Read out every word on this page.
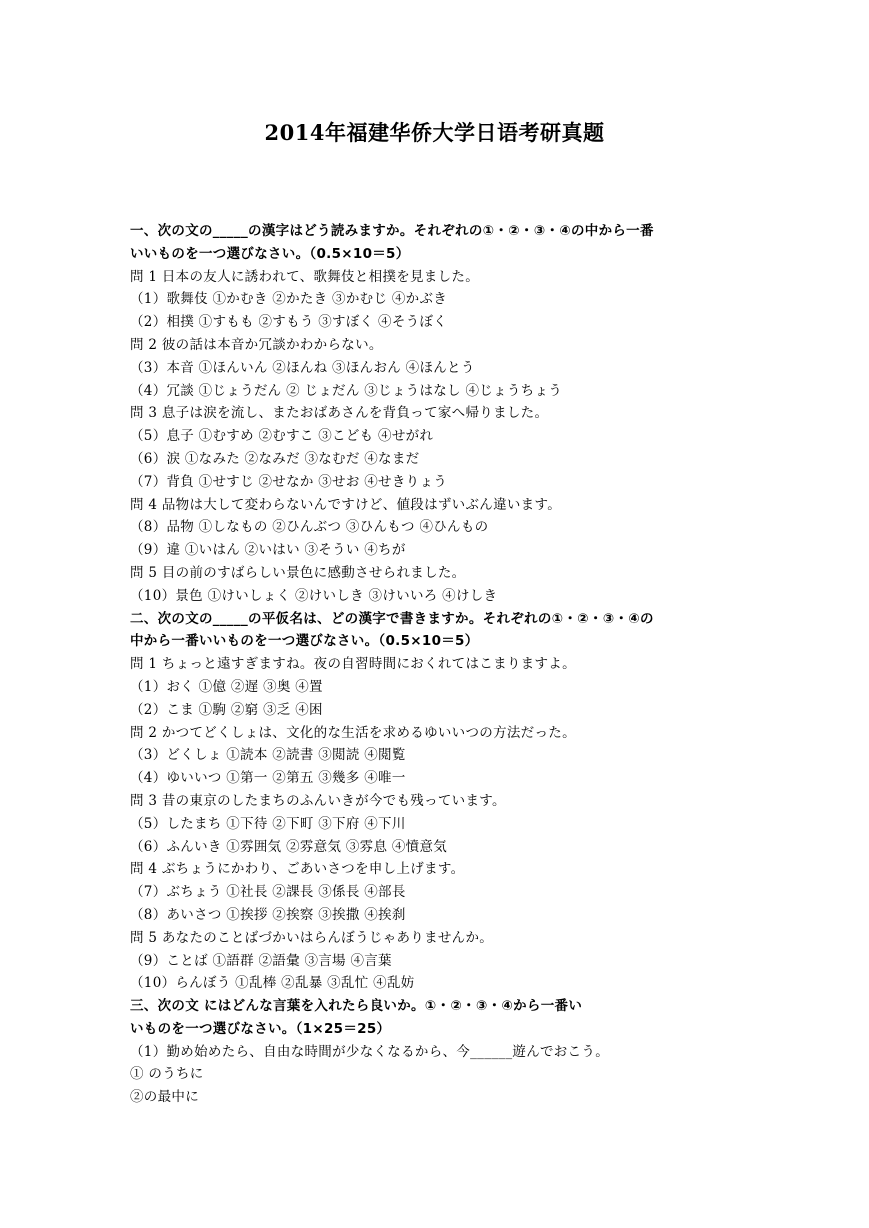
2014年福建华侨大学日语考研真题
一、次の文の_____の漢字はどう読みますか。それぞれの①・②・③・④の中から一番
いいものを一つ選びなさい。（0.5×10＝5）
問 1 日本の友人に誘われて、歌舞伎と相撲を見ました。
（1）歌舞伎 ①かむき ②かたき ③かむじ ④かぶき
（2）相撲 ①すもも ②すもう ③すぼく ④そうぼく
問 2 彼の話は本音か冗談かわからない。
（3）本音 ①ほんいん ②ほんね ③ほんおん ④ほんとう
（4）冗談 ①じょうだん ② じょだん ③じょうはなし ④じょうちょう
問 3 息子は涙を流し、またおばあさんを背負って家へ帰りました。
（5）息子 ①むすめ ②むすこ ③こども ④せがれ
（6）涙 ①なみた ②なみだ ③なむだ ④なまだ
（7）背負 ①せすじ ②せなか ③せお ④せきりょう
問 4 品物は大して変わらないんですけど、値段はずいぶん違います。
（8）品物 ①しなもの ②ひんぶつ ③ひんもつ ④ひんもの
（9）違 ①いはん ②いはい ③そうい ④ちが
問 5 目の前のすばらしい景色に感動させられました。
（10）景色 ①けいしょく ②けいしき ③けいいろ ④けしき
二、次の文の_____の平仮名は、どの漢字で書きますか。それぞれの①・②・③・④の
中から一番いいものを一つ選びなさい。（0.5×10＝5）
問 1 ちょっと遠すぎますね。夜の自習時間におくれてはこまりますよ。
（1）おく ①億 ②遅 ③奥 ④置
（2）こま ①駒 ②窮 ③乏 ④困
問 2 かつてどくしょは、文化的な生活を求めるゆいいつの方法だった。
（3）どくしょ ①読本 ②読書 ③閲読 ④閲覧
（4）ゆいいつ ①第一 ②第五 ③幾多 ④唯一
問 3 昔の東京のしたまちのふんいきが今でも残っています。
（5）したまち ①下待 ②下町 ③下府 ④下川
（6）ふんいき ①雰囲気 ②雰意気 ③雰息 ④憤意気
問 4 ぶちょうにかわり、ごあいさつを申し上げます。
（7）ぶちょう ①社長 ②課長 ③係長 ④部長
（8）あいさつ ①挨拶 ②挨察 ③挨撒 ④挨刹
問 5 あなたのことばづかいはらんぼうじゃありませんか。
（9）ことば ①語群 ②語彙 ③言場 ④言葉
（10）らんぼう ①乱棒 ②乱暴 ③乱忙 ④乱妨
三、次の文 にはどんな言葉を入れたら良いか。①・②・③・④から一番い
いものを一つ選びなさい。（1×25＝25）
（1）勤め始めたら、自由な時間が少なくなるから、今______遊んでおこう。
① のうちに
②の最中に
